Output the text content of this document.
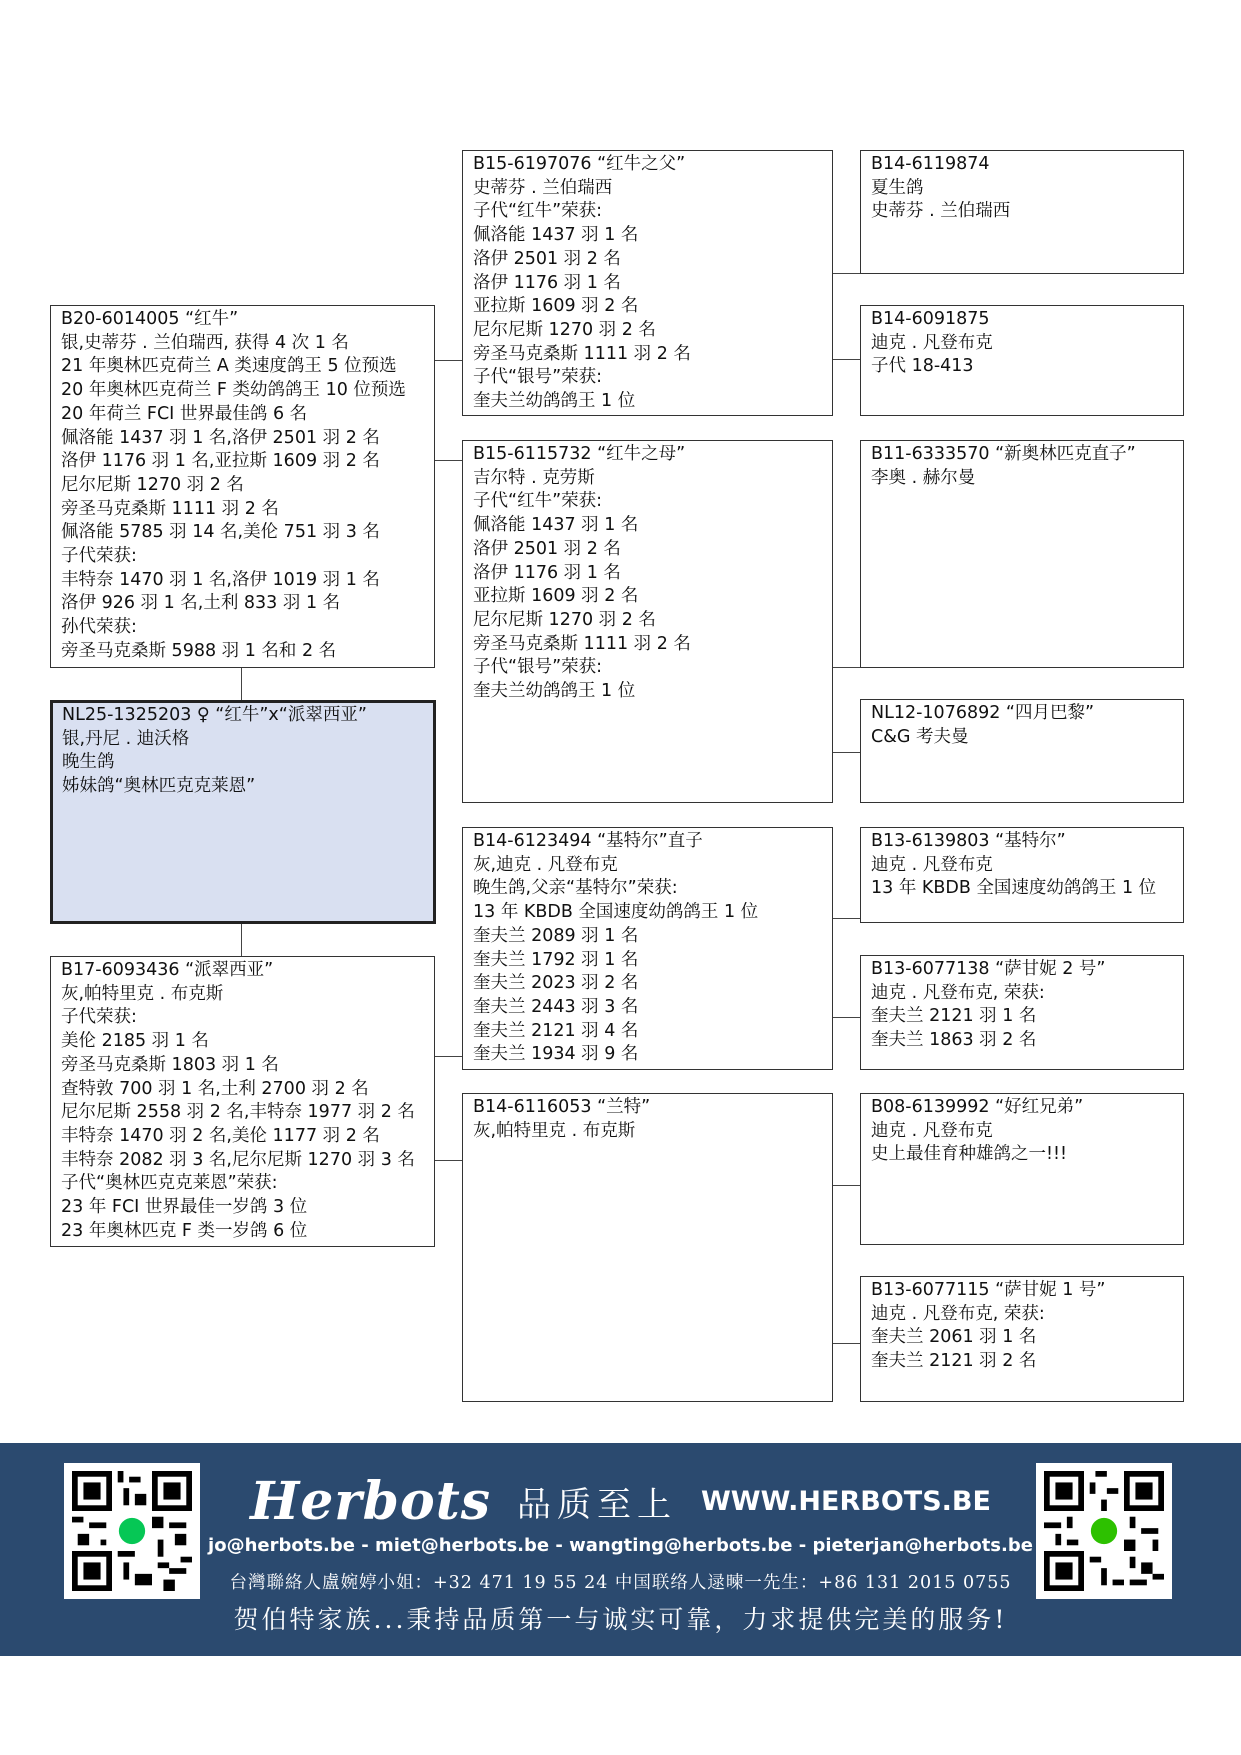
NL25-1325203 ♀ “红牛”x“派翠西亚”
银,丹尼 . 迪沃格
晚生鸽
姊妹鸽“奥林匹克克莱恩”
B20-6014005 “红牛”
银,史蒂芬 . 兰伯瑞西, 获得 4 次 1 名
21 年奥林匹克荷兰 A 类速度鸽王 5 位预选
20 年奥林匹克荷兰 F 类幼鸽鸽王 10 位预选
20 年荷兰 FCI 世界最佳鸽 6 名
佩洛能 1437 羽 1 名,洛伊 2501 羽 2 名
洛伊 1176 羽 1 名,亚拉斯 1609 羽 2 名
尼尔尼斯 1270 羽 2 名
旁圣马克桑斯 1111 羽 2 名
佩洛能 5785 羽 14 名,美伦 751 羽 3 名
子代荣获:
丰特奈 1470 羽 1 名,洛伊 1019 羽 1 名
洛伊 926 羽 1 名,土利 833 羽 1 名
孙代荣获:
旁圣马克桑斯 5988 羽 1 名和 2 名
B17-6093436 “派翠西亚”
灰,帕特里克 . 布克斯
子代荣获:
美伦 2185 羽 1 名
旁圣马克桑斯 1803 羽 1 名
查特敦 700 羽 1 名,土利 2700 羽 2 名
尼尔尼斯 2558 羽 2 名,丰特奈 1977 羽 2 名
丰特奈 1470 羽 2 名,美伦 1177 羽 2 名
丰特奈 2082 羽 3 名,尼尔尼斯 1270 羽 3 名
子代“奥林匹克克莱恩”荣获:
23 年 FCI 世界最佳一岁鸽 3 位
23 年奥林匹克 F 类一岁鸽 6 位
B15-6197076 “红牛之父”
史蒂芬 . 兰伯瑞西
子代“红牛”荣获:
佩洛能 1437 羽 1 名
洛伊 2501 羽 2 名
洛伊 1176 羽 1 名
亚拉斯 1609 羽 2 名
尼尔尼斯 1270 羽 2 名
旁圣马克桑斯 1111 羽 2 名
子代“银号”荣获:
奎夫兰幼鸽鸽王 1 位
B15-6115732 “红牛之母”
吉尔特 . 克劳斯
子代“红牛”荣获:
佩洛能 1437 羽 1 名
洛伊 2501 羽 2 名
洛伊 1176 羽 1 名
亚拉斯 1609 羽 2 名
尼尔尼斯 1270 羽 2 名
旁圣马克桑斯 1111 羽 2 名
子代“银号”荣获:
奎夫兰幼鸽鸽王 1 位
B14-6123494 “基特尔”直子
灰,迪克 . 凡登布克
晚生鸽,父亲“基特尔”荣获:
13 年 KBDB 全国速度幼鸽鸽王 1 位
奎夫兰 2089 羽 1 名
奎夫兰 1792 羽 1 名
奎夫兰 2023 羽 2 名
奎夫兰 2443 羽 3 名
奎夫兰 2121 羽 4 名
奎夫兰 1934 羽 9 名
B14-6116053 “兰特”
灰,帕特里克 . 布克斯
B14-6119874
夏生鸽
史蒂芬 . 兰伯瑞西
B14-6091875
迪克 . 凡登布克
子代 18-413
B11-6333570 “新奥林匹克直子”
李奥 . 赫尔曼
NL12-1076892 “四月巴黎”
C&G 考夫曼
B13-6139803 “基特尔”
迪克 . 凡登布克
13 年 KBDB 全国速度幼鸽鸽王 1 位
B13-6077138 “萨甘妮 2 号”
迪克 . 凡登布克, 荣获:
奎夫兰 2121 羽 1 名
奎夫兰 1863 羽 2 名
B08-6139992 “好红兄弟”
迪克 . 凡登布克
史上最佳育种雄鸽之一!!!
B13-6077115 “萨甘妮 1 号”
迪克 . 凡登布克, 荣获:
奎夫兰 2061 羽 1 名
奎夫兰 2121 羽 2 名
Herbots 品质至上 WWW.HERBOTS.BE
jo@herbots.be - miet@herbots.be - wangting@herbots.be - pieterjan@herbots.be
台灣聯絡人盧婉婷小姐：+32 471 19 55 24 中国联络人逯暕一先生：+86 131 2015 0755
贺伯特家族...秉持品质第一与诚实可靠，力求提供完美的服务!
